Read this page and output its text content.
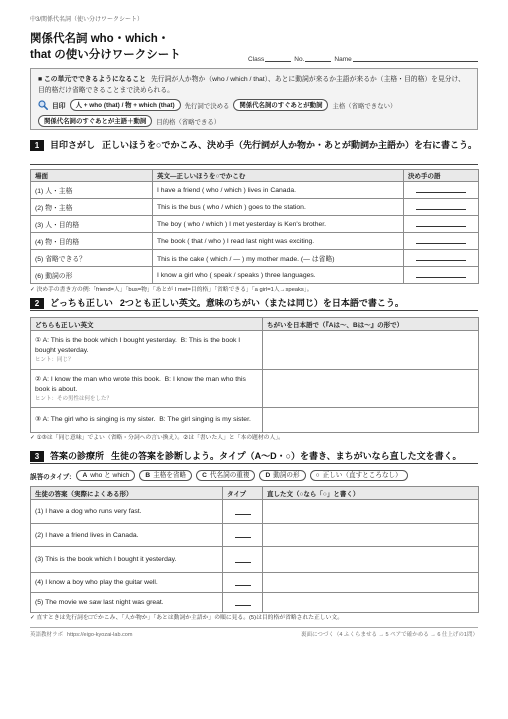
中3/関係代名詞（使い分けワークシート）
関係代名詞 who・which・
that の使い分けワークシート	Class	No.	Name

■ この単元でできるようになること 先行詞が人か物か（who / which / that）、あとに動詞が来るか主語が来るか（主格・目的格）を見分け、目的格だけ省略できることまで決められる。

目印	人 + who (that) / 物 + which (that)	先行詞で決める	関係代名詞のすぐあとが動詞	主格（省略できない）
関係代名詞のすぐあとが主語＋動詞	目的格（省略できる）
1 目印さがし 正しいほうを○でかこみ、決め手（先行詞が人か物か・あとが動詞か主語か）を右に書こう。
場面	英文―正しいほうを○でかこむ	決め手の語
(1) 人・主格	I have a friend ( who / which ) lives in Canada.	
(2) 物・主格	This is the bus ( who / which ) goes to the station.	
(3) 人・目的格	The boy ( who / which ) I met yesterday is Ken's brother.	
(4) 物・目的格	The book ( that / who ) I read last night was exciting.	
(5) 省略できる？	This is the cake ( which / — ) my mother made. (— は省略)	
(6) 動詞の形	I know a girl who ( speak / speaks ) three languages.	
✓ 決め手の書き方の例:「friend=人」「bus=物」「あとが I met=目的格」「省略できる」「a girl=1人→speaks」。
2 どっちも正しい 2つとも正しい英文。意味のちがい（または同じ）を日本語で書こう。
どちらも正しい英文	ちがいを日本語で（『Aは～、Bは～』の形で）

① A: This is the book which I bought yesterday.  B: This is the book I bought yesterday.
ヒント：同じ？	

② A: I know the man who wrote this book.  B: I know the man who this book is about.
ヒント：その男性は何をした？	

③ A: The girl who is singing is my sister.  B: The girl singing is my sister.	

✓ ①③は「同じ意味」でよい（省略・分詞への言い換え）。②は「書いた人」と「本の題材の人」。
3 答案の診療所 生徒の答案を診断しよう。タイプ（A～D・○）を書き、まちがいなら直した文を書く。
誤答のタイプ:	A who と which	B 主格を省略	C 代名詞の重複	D 動詞の形	○ 正しい（直すところなし）
生徒の答案（実際によくある形）	タイプ	直した文（○なら「○」と書く）
(1) I have a dog who runs very fast.		
(2) I have a friend lives in Canada.		
(3) This is the book which I bought it yesterday.		
(4) I know a boy who play the guitar well.		
(5) The movie we saw last night was great.		
✓ 直すときは先行詞を□でかこみ、「人か物か」「あとは動詞か主語か」の順に見る。(5)は目的格が省略された正しい文。
英語教材ラボ https://eigo-kyozai-lab.com	裏面につづく（4 ふくらませる → 5 ペアで確かめる → 6 仕上げの1問）
